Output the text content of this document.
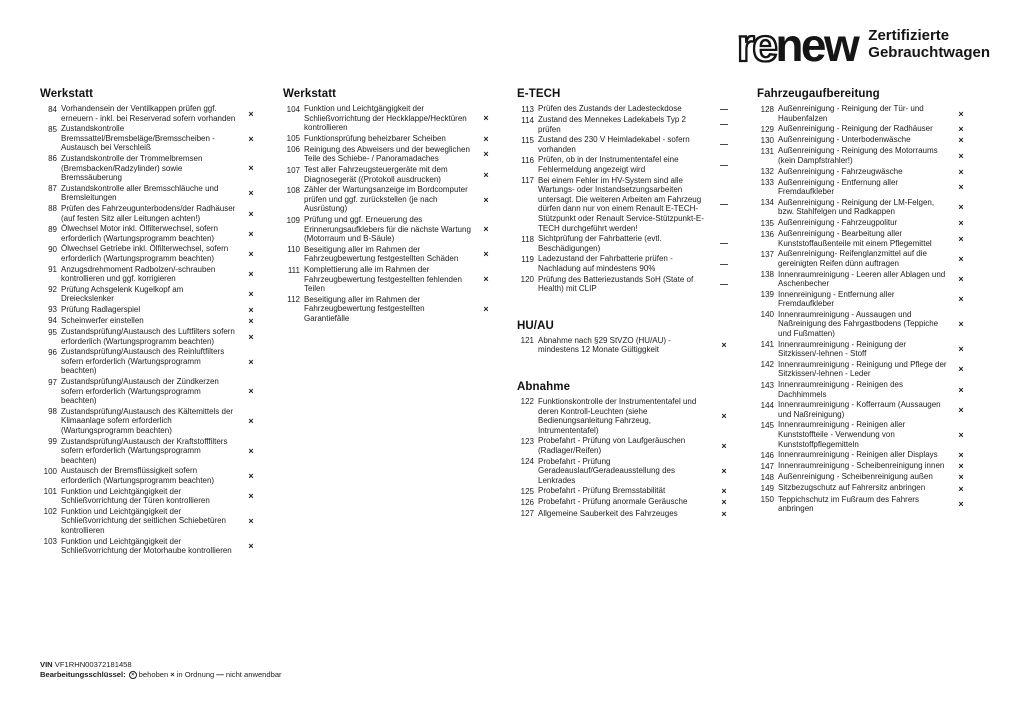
re new Zertifizierte
Gebrauchtwagen
Werkstatt
84 Vorhandensein der Ventilkappen prüfen ggf. erneuern - inkl. bei Reserverad sofern vorhanden	×
85 Zustandskontrolle Bremssattel/Bremsbeläge/Bremsscheiben - Austausch bei Verschleiß
×
86 Zustandskontrolle der Trommelbremsen (Bremsbacken/Radzylinder) sowie Bremssäuberung
×
87 Zustandskontrolle aller Bremsschläuche und Bremsleitungen	×
88 Prüfen des Fahrzeugunterbodens/der Radhäuser (auf festen Sitz aller Leitungen achten!)	×
89 Ölwechsel Motor inkl. Ölfilterwechsel, sofern erforderlich (Wartungsprogramm beachten)	×
90 Ölwechsel Getriebe inkl. Ölfilterwechsel, sofern erforderlich (Wartungsprogramm beachten)	×
91 Anzugsdrehmoment Radbolzen/-schrauben kontrollieren und ggf. korrigieren	×
92 Prüfung Achsgelenk Kugelkopf am Dreieckslenker	×
93 Prüfung Radlagerspiel	×
94 Scheinwerfer einstellen	×
95 Zustandsprüfung/Austausch des Luftfilters sofern erforderlich (Wartungsprogramm beachten)	×
96 Zustandsprüfung/Austausch des Reinluftfilters sofern erforderlich (Wartungsprogramm beachten)
×
97 Zustandsprüfung/Austausch der Zündkerzen sofern erforderlich (Wartungsprogramm beachten)
×
98 Zustandsprüfung/Austausch des Kältemittels der Klimaanlage sofern erforderlich (Wartungsprogramm beachten)
×
99 Zustandsprüfung/Austausch der Kraftstofffilters sofern erforderlich (Wartungsprogramm beachten)
×
100 Austausch der Bremsflüssigkeit sofern erforderlich (Wartungsprogramm beachten)	×
101 Funktion und Leichtgängigkeit der Schließvorrichtung der Türen kontrollieren	×
102 Funktion und Leichtgängigkeit der Schließvorrichtung der seitlichen Schiebetüren kontrollieren
×
103 Funktion und Leichtgängigkeit der Schließvorrichtung der Motorhaube kontrollieren	×
Werkstatt
104 Funktion und Leichtgängigkeit der Schließvorrichtung der Heckklappe/Hecktüren kontrollieren
×
105 Funktionsprüfung beheizbarer Scheiben	×
106 Reinigung des Abweisers und der beweglichen Teile des Schiebe- / Panoramadaches	×
107 Test aller Fahrzeugsteuergeräte mit dem Diagnosegerät ((Protokoll ausdrucken)	×
108 Zähler der Wartungsanzeige im Bordcomputer prüfen und ggf. zurückstellen (je nach Ausrüstung)
×
109 Prüfung und ggf. Erneuerung des Erinnerungsaufklebers für die nächste Wartung (Motorraum und B-Säule)
×
110 Beseitigung aller im Rahmen der Fahrzeugbewertung festgestellten Schäden	×
111 Komplettierung alle im Rahmen der Fahrzeugbewertung festgestellten fehlenden Teilen
×
112 Beseitigung aller im Rahmen der Fahrzeugbewertung festgestellten Garantiefälle
×
E-TECH
113 Prüfen des Zustands der Ladesteckdose	—
114 Zustand des Mennekes Ladekabels Typ 2 prüfen	—
115 Zustand des 230 V Heimladekabel - sofern vorhanden	—
116 Prüfen, ob in der Instrumententafel eine Fehlermeldung angezeigt wird	—
117 Bei einem Fehler im HV-System sind alle Wartungs- oder Instandsetzungsarbeiten untersagt. Die weiteren Arbeiten am Fahrzeug dürfen dann nur von einem Renault E-TECH-Stützpunkt oder Renault Service-Stützpunkt-E-TECH durchgeführt werden!
—
118 Sichtprüfung der Fahrbatterie (evtl. Beschädigungen)	—
119 Ladezustand der Fahrbatterie prüfen - Nachladung auf mindestens 90%	—
120 Prüfung des Batteriezustands SoH (State of Health) mit CLIP	—
HU/AU
121 Abnahme nach §29 StVZO (HU/AU) - mindestens 12 Monate Gültiggkeit	×
Abnahme
122 Funktionskontrolle der Instrumententafel und deren Kontroll-Leuchten (siehe Bedienungsanleitung Fahrzeug, Intrumententafel)
×
123 Probefahrt - Prüfung von Laufgeräuschen (Radlager/Reifen)	×
124 Probefahrt - Prüfung Geradeauslauf/Geradeausstellung des Lenkrades
×
125 Probefahrt - Prüfung Bremsstabilität	×
126 Probefahrt - Prüfung anormale Geräusche	×
127 Allgemeine Sauberkeit des Fahrzeuges	×
Fahrzeugaufbereitung
128 Außenreinigung - Reinigung der Tür- und Haubenfalzen	×
129 Außenreinigung - Reinigung der Radhäuser	×
130 Außenreinigung - Unterbodenwäsche	×
131 Außenreinigung - Reinigung des Motorraums (kein Dampfstrahler!)	×
132 Außenreinigung - Fahrzeugwäsche	×
133 Außenreinigung - Entfernung aller Fremdaufkleber	×
134 Außenreinigung - Reinigung der LM-Felgen, bzw. Stahlfelgen und Radkappen	×
135 Außenreinigung - Fahrzeugpolitur	×
136 Außenreinigung - Bearbeitung aller Kunststoffaußenteile mit einem Pflegemittel	×
137 Außenreinigung- Reifenglanzmittel auf die gereinigten Reifen dünn auftragen	×
138 Innenraumreinigung - Leeren aller Ablagen und Aschenbecher	×
139 Innenreinigung - Entfernung aller Fremdaufkleber	×
140 Innenraumreinigung - Aussaugen und Naßreinigung des Fahrgastbodens (Teppiche und Fußmatten)
×
141 Innenraumreinigung - Reinigung der Sitzkissen/-lehnen - Stoff	×
142 Innenraumreinigung - Reinigung und Pflege der Sitzkissen/-lehnen - Leder	×
143 Innenraumreinigung - Reinigen des Dachhimmels	×
144 Innenraumreinigung - Kofferraum (Aussaugen und Naßreinigung)	×
145 Innenraumreinigung - Reinigen aller Kunststoffteile - Verwendung von Kunststoffpflegemitteln
×
146 Innenraumreinigung - Reinigen aller Displays	×
147 Innenraumreinigung - Scheibenreinigung innen	×
148 Außenreinigung - Scheibenreinigung außen	×
149 Sitzbezugschutz auf Fahrersitz anbringen	×
150 Teppichschutz im Fußraum des Fahrers anbringen	×
VIN VF1RHN00372181458
Bearbeitungsschlüssel: × behoben × in Ordnung — nicht anwendbar
